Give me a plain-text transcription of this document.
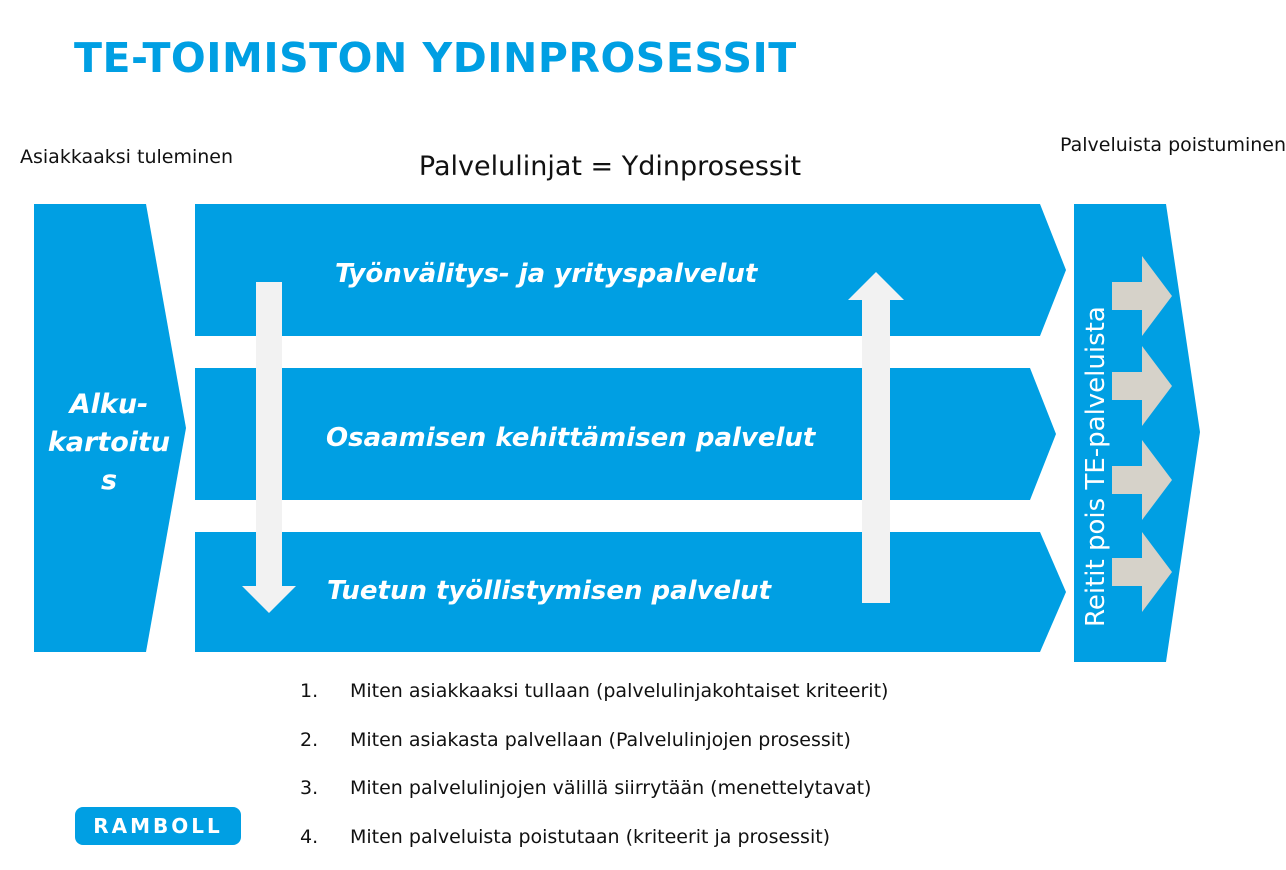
TE-TOIMISTON YDINPROSESSIT
Asiakkaaksi tuleminen	Palvelulinjat = Ydinprosessit
Palveluista poistuminen
Työnvälitys- ja yrityspalvelut
Osaamisen kehittämisen palvelut
Tuetun työllistymisen palvelut	Reitit pois TE-palveluista
Alku-
kartoitu
s
1. Miten asiakkaaksi tullaan (palvelulinjakohtaiset kriteerit)
2. Miten asiakasta palvellaan (Palvelulinjojen prosessit)
3. Miten palvelulinjojen välillä siirrytään (menettelytavat)
4. Miten palveluista poistutaan (kriteerit ja prosessit)
RAMBOLL
